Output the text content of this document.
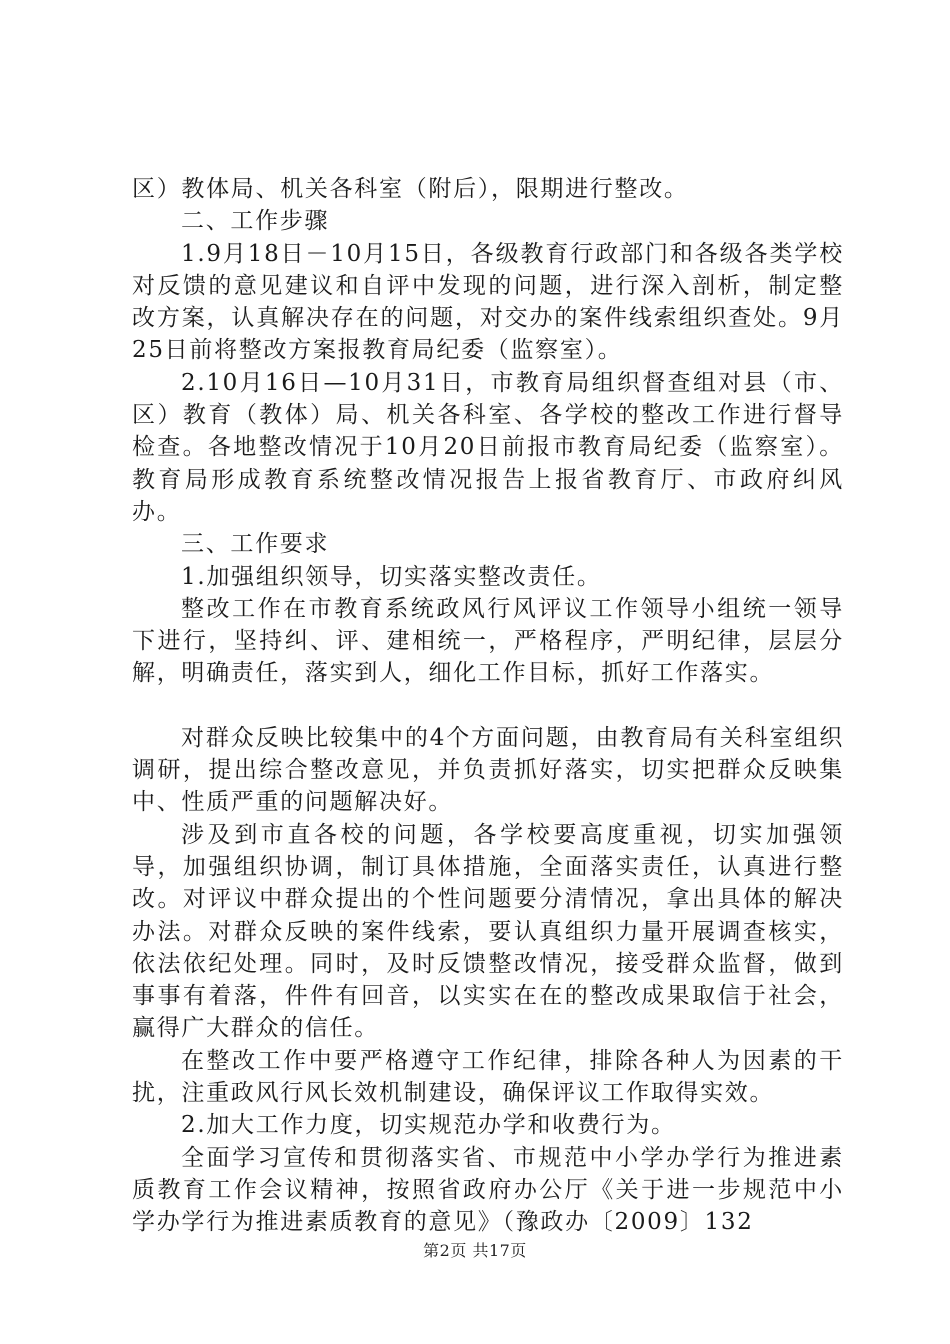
区）教体局、机关各科室（附后），限期进行整改。

二、工作步骤

1.9月18日－10月15日，各级教育行政部门和各级各类学校对反馈的意见建议和自评中发现的问题，进行深入剖析，制定整改方案，认真解决存在的问题，对交办的案件线索组织查处。9月25日前将整改方案报教育局纪委（监察室）。

2.10月16日—10月31日，市教育局组织督查组对县（市、区）教育（教体）局、机关各科室、各学校的整改工作进行督导检查。各地整改情况于10月20日前报市教育局纪委（监察室）。教育局形成教育系统整改情况报告上报省教育厅、市政府纠风办。

三、工作要求

1.加强组织领导，切实落实整改责任。

整改工作在市教育系统政风行风评议工作领导小组统一领导下进行，坚持纠、评、建相统一，严格程序，严明纪律，层层分解，明确责任，落实到人，细化工作目标，抓好工作落实。

对群众反映比较集中的4个方面问题，由教育局有关科室组织调研，提出综合整改意见，并负责抓好落实，切实把群众反映集中、性质严重的问题解决好。

涉及到市直各校的问题，各学校要高度重视，切实加强领导，加强组织协调，制订具体措施，全面落实责任，认真进行整改。对评议中群众提出的个性问题要分清情况，拿出具体的解决办法。对群众反映的案件线索，要认真组织力量开展调查核实，依法依纪处理。同时，及时反馈整改情况，接受群众监督，做到事事有着落，件件有回音，以实实在在的整改成果取信于社会，赢得广大群众的信任。

在整改工作中要严格遵守工作纪律，排除各种人为因素的干扰，注重政风行风长效机制建设，确保评议工作取得实效。

2.加大工作力度，切实规范办学和收费行为。

全面学习宣传和贯彻落实省、市规范中小学办学行为推进素质教育工作会议精神，按照省政府办公厅《关于进一步规范中小学办学行为推进素质教育的意见》（豫政办〔2009〕132

第2页 共17页
